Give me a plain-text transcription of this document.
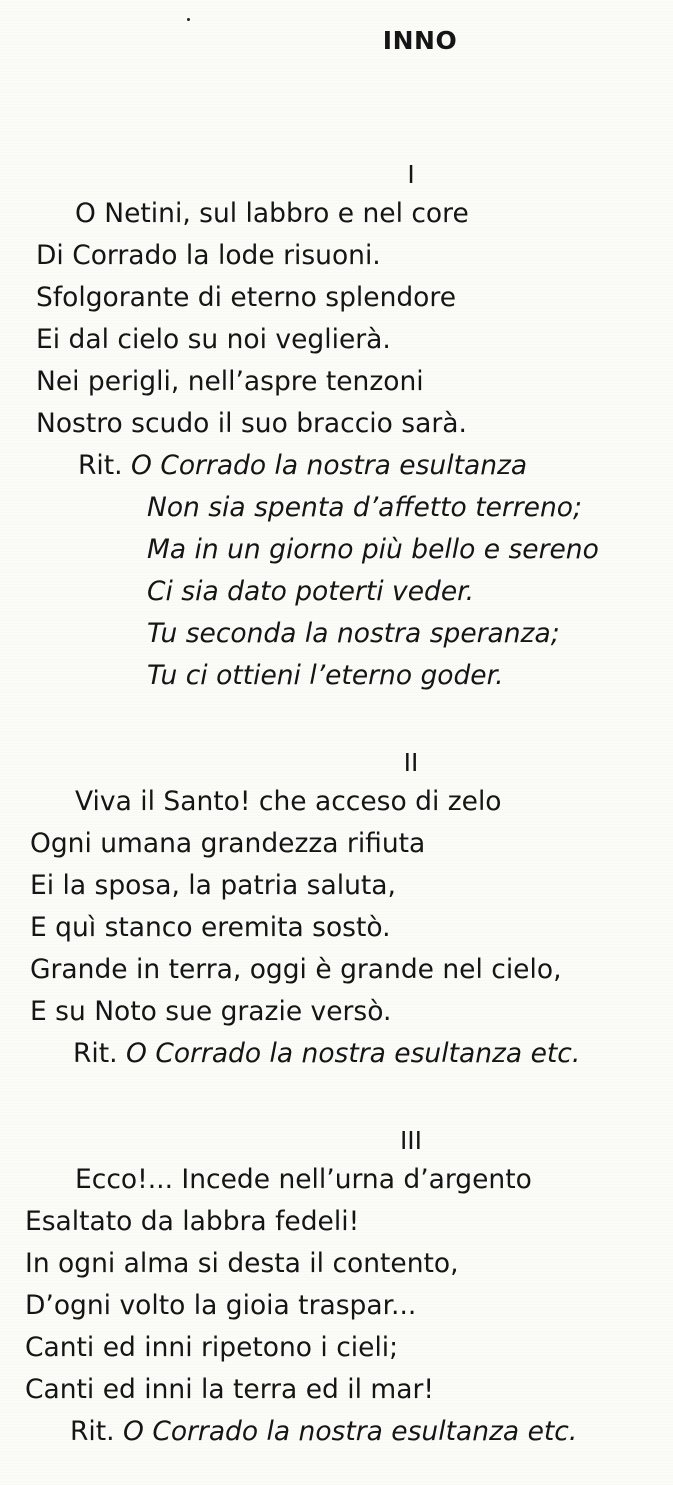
INNO

I

O Netini, sul labbro e nel core

Di Corrado la lode risuoni.

Sfolgorante di eterno splendore

Ei dal cielo su noi veglierà.

Nei perigli, nell’aspre tenzoni

Nostro scudo il suo braccio sarà.

Rit. O Corrado la nostra esultanza

Non sia spenta d’affetto terreno;

Ma in un giorno più bello e sereno

Ci sia dato poterti veder.

Tu seconda la nostra speranza;

Tu ci ottieni l’eterno goder.

II

Viva il Santo! che acceso di zelo

Ogni umana grandezza rifiuta

Ei la sposa, la patria saluta,

E quì stanco eremita sostò.

Grande in terra, oggi è grande nel cielo,

E su Noto sue grazie versò.

Rit. O Corrado la nostra esultanza etc.

III

Ecco!... Incede nell’urna d’argento

Esaltato da labbra fedeli!

In ogni alma si desta il contento,

D’ogni volto la gioia traspar...

Canti ed inni ripetono i cieli;

Canti ed inni la terra ed il mar!

Rit. O Corrado la nostra esultanza etc.
